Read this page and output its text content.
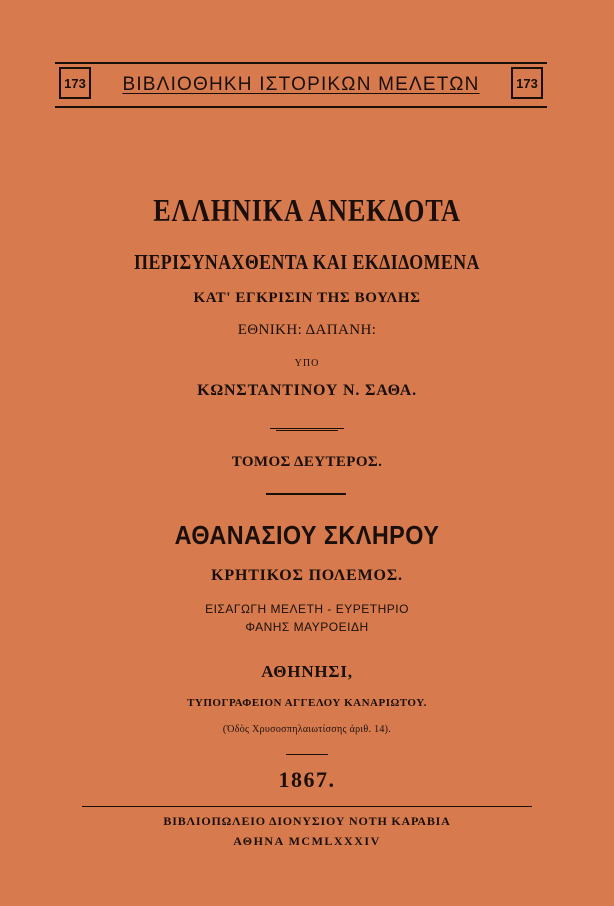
173	ΒΙΒΛΙΟΘΗΚΗ ΙΣΤΟΡΙΚΩΝ ΜΕΛΕΤΩΝ	173
ΕΛΛΗΝΙΚΑ ΑΝΕΚΔΟΤΑ
ΠΕΡΙΣΥΝΑΧΘΕΝΤΑ ΚΑΙ ΕΚΔΙΔΟΜΕΝΑ
ΚΑΤ' ΕΓΚΡΙΣΙΝ ΤΗΣ ΒΟΥΛΗΣ
ΕΘΝΙΚΗ: ΔΑΠΑΝΗ:
ΥΠΟ
ΚΩΝΣΤΑΝΤΙΝΟΥ Ν. ΣΑΘΑ.
ΤΟΜΟΣ ΔΕΥΤΕΡΟΣ.
ΑΘΑΝΑΣΙΟΥ ΣΚΛΗΡΟΥ
ΚΡΗΤΙΚΟΣ ΠΟΛΕΜΟΣ.
ΕΙΣΑΓΩΓΗ ΜΕΛΕΤΗ - ΕΥΡΕΤΗΡΙΟ
ΦΑΝΗΣ ΜΑΥΡΟΕΙΔΗ
ΑΘΗΝΗΣΙ,
ΤΥΠΟΓΡΑΦΕΙΟΝ ΑΓΓΕΛΟΥ ΚΑΝΑΡΙΩΤΟΥ.
(Ὁδὸς Χρυσοσπηλαιωτίσσης ἀριθ. 14).
1867.
ΒΙΒΛΙΟΠΩΛΕΙΟ ΔΙΟΝΥΣΙΟΥ ΝΟΤΗ ΚΑΡΑΒΙΑ
ΑΘΗΝΑ MCMLXXXIV
